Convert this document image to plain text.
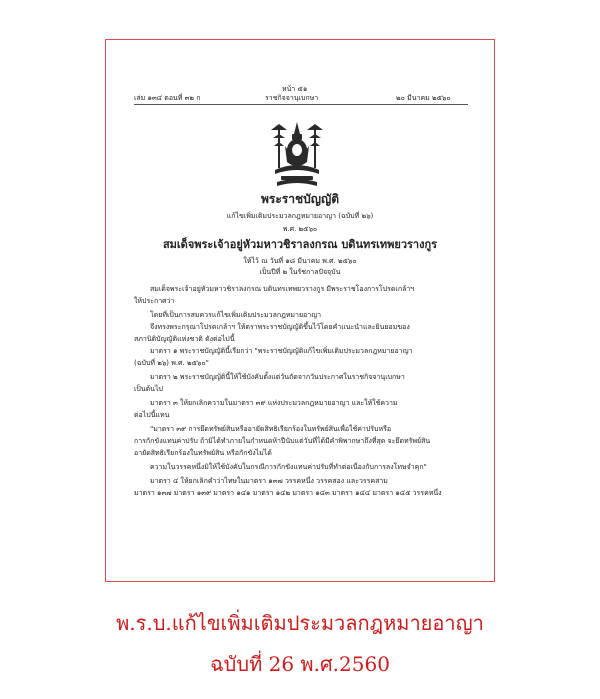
หน้า ๕๑
เล่ม ๑๓๔ ตอนที่ ๓๒ ก	ราชกิจจานุเบกษา	๒๐ มีนาคม ๒๕๖๐
พระราชบัญญัติ
แก้ไขเพิ่มเติมประมวลกฎหมายอาญา (ฉบับที่ ๒๖)
พ.ศ. ๒๕๖๐
สมเด็จพระเจ้าอยู่หัวมหาวชิราลงกรณ บดินทรเทพยวรางกูร
ให้ไว้ ณ วันที่ ๑๘ มีนาคม พ.ศ. ๒๕๖๐
เป็นปีที่ ๒ ในรัชกาลปัจจุบัน
สมเด็จพระเจ้าอยู่หัวมหาวชิราลงกรณ บดินทรเทพยวรางกูร มีพระราชโองการโปรดเกล้าฯ
ให้ประกาศว่า
โดยที่เป็นการสมควรแก้ไขเพิ่มเติมประมวลกฎหมายอาญา
จึงทรงพระกรุณาโปรดเกล้าฯ ให้ตราพระราชบัญญัติขึ้นไว้โดยคำแนะนำและยินยอมของ
สภานิติบัญญัติแห่งชาติ ดังต่อไปนี้
มาตรา ๑ พระราชบัญญัตินี้เรียกว่า "พระราชบัญญัติแก้ไขเพิ่มเติมประมวลกฎหมายอาญา
(ฉบับที่ ๒๖) พ.ศ. ๒๕๖๐"
มาตรา ๒ พระราชบัญญัตินี้ให้ใช้บังคับตั้งแต่วันถัดจากวันประกาศในราชกิจจานุเบกษา
เป็นต้นไป
มาตรา ๓ ให้ยกเลิกความในมาตรา ๓๙ แห่งประมวลกฎหมายอาญา และให้ใช้ความ
ต่อไปนี้แทน
"มาตรา ๓๙ การยึดทรัพย์สินหรืออายัดสิทธิเรียกร้องในทรัพย์สินเพื่อใช้ค่าปรับหรือ
การกักขังแทนค่าปรับ ถ้ามิได้ทำภายในกำหนดห้าปีนับแต่วันที่ได้มีคำพิพากษาถึงที่สุด จะยึดทรัพย์สิน
อายัดสิทธิเรียกร้องในทรัพย์สิน หรือกักขังไม่ได้
ความในวรรคหนึ่งมิให้ใช้บังคับในกรณีการกักขังแทนค่าปรับที่ทำต่อเนื่องกับการลงโทษจำคุก"
มาตรา ๔ ให้ยกเลิกคำว่าไทษในมาตรา ๑๓๗ วรรคหนึ่ง วรรคสอง และวรรคสาม
มาตรา ๑๓๗ มาตรา ๑๓๙ มาตรา ๑๔๑ มาตรา ๑๔๒ มาตรา ๑๔๓ มาตรา ๑๔๔ มาตรา ๑๔๕ วรรคหนึ่ง
พ.ร.บ.แก้ไขเพิ่มเติมประมวลกฎหมายอาญา
ฉบับที่ 26 พ.ศ.2560
